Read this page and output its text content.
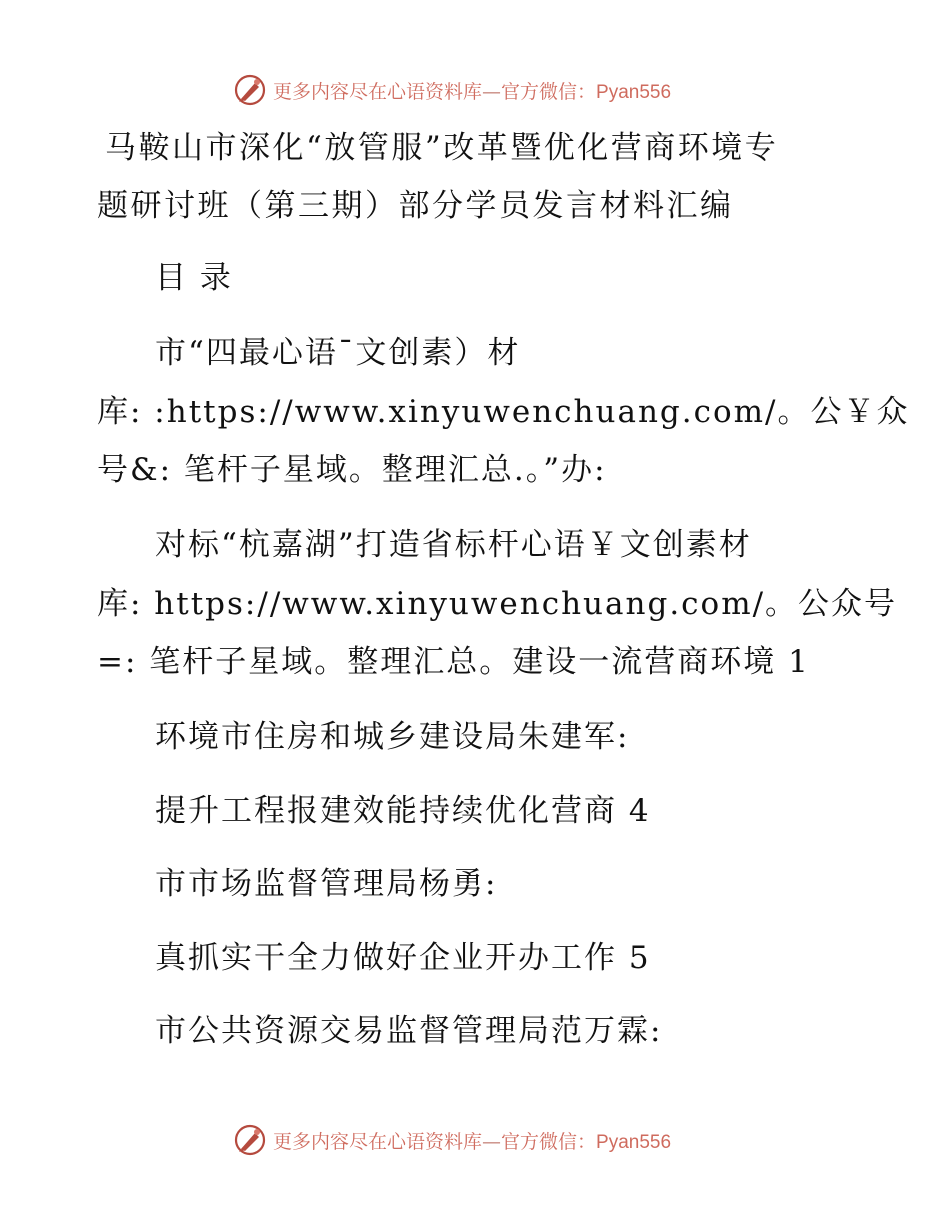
更多内容尽在心语资料库—官方微信：Pyan556
马鞍山市深化“放管服”改革暨优化营商环境专
题研讨班（第三期）部分学员发言材料汇编
目 录
市“四最心语¯文创素）材
库: :https://www.xinyuwenchuang.com/。公￥众
号&: 笔杆子星域。整理汇总.。”办:
对标“杭嘉湖”打造省标杆心语￥文创素材
库: https://www.xinyuwenchuang.com/。公众号
=: 笔杆子星域。整理汇总。建设一流营商环境 1
环境市住房和城乡建设局朱建军:
提升工程报建效能持续优化营商 4
市市场监督管理局杨勇:
真抓实干全力做好企业开办工作 5
市公共资源交易监督管理局范万霖:
更多内容尽在心语资料库—官方微信：Pyan556
